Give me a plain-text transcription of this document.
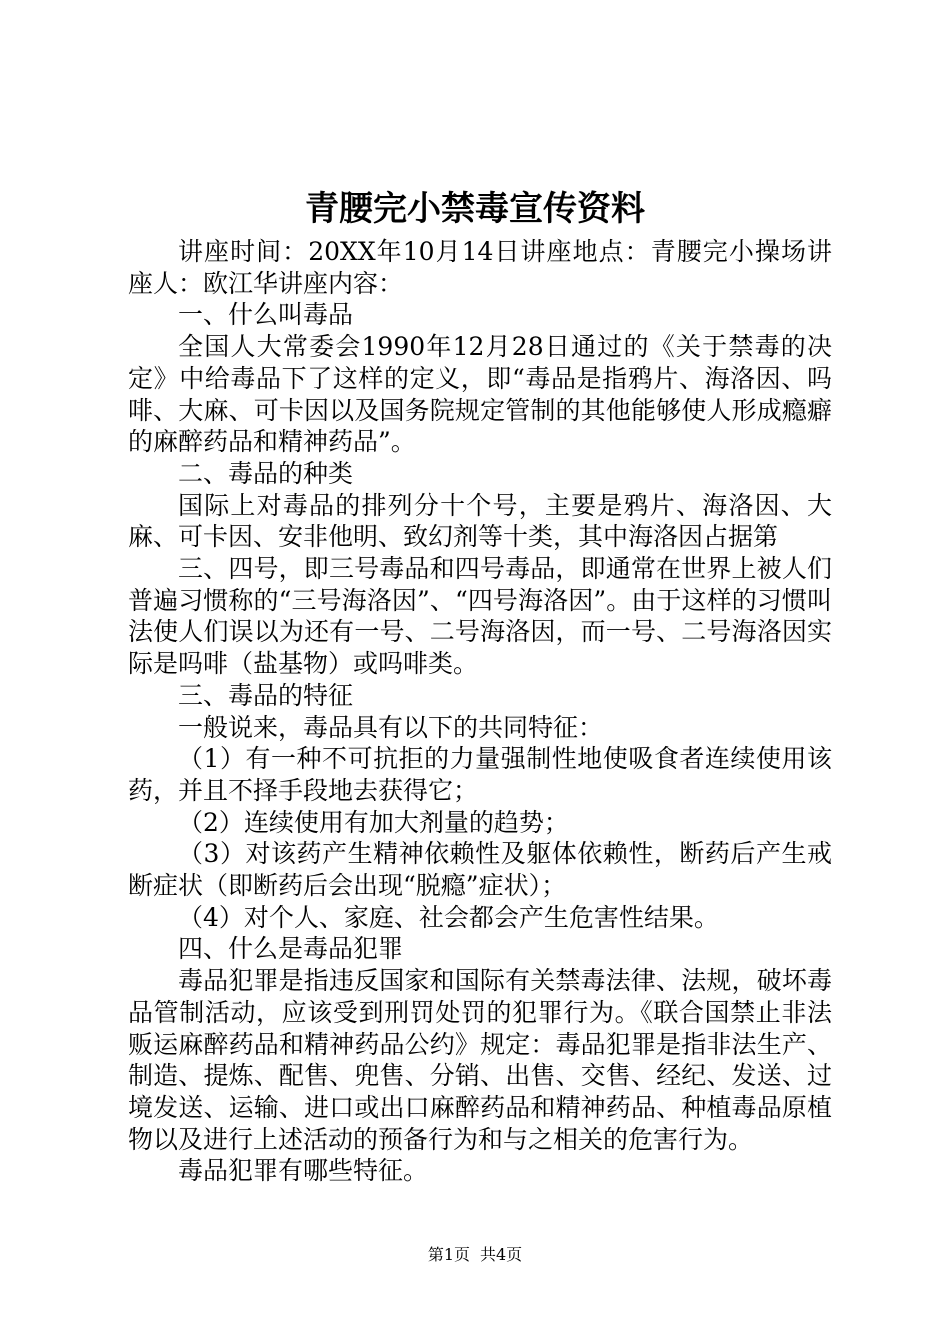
青腰完小禁毒宣传资料

讲座时间：20XX年10月14日讲座地点：青腰完小操场讲座人：欧江华讲座内容：

一、什么叫毒品

全国人大常委会1990年12月28日通过的《关于禁毒的决定》中给毒品下了这样的定义，即“毒品是指鸦片、海洛因、吗啡、大麻、可卡因以及国务院规定管制的其他能够使人形成瘾癖的麻醉药品和精神药品”。

二、毒品的种类

国际上对毒品的排列分十个号，主要是鸦片、海洛因、大麻、可卡因、安非他明、致幻剂等十类，其中海洛因占据第

三、四号，即三号毒品和四号毒品，即通常在世界上被人们普遍习惯称的“三号海洛因”、“四号海洛因”。由于这样的习惯叫法使人们误以为还有一号、二号海洛因，而一号、二号海洛因实际是吗啡（盐基物）或吗啡类。

三、毒品的特征

一般说来，毒品具有以下的共同特征：

（1）有一种不可抗拒的力量强制性地使吸食者连续使用该药，并且不择手段地去获得它；

（2）连续使用有加大剂量的趋势；

（3）对该药产生精神依赖性及躯体依赖性，断药后产生戒断症状（即断药后会出现“脱瘾”症状）；

（4）对个人、家庭、社会都会产生危害性结果。

四、什么是毒品犯罪

毒品犯罪是指违反国家和国际有关禁毒法律、法规，破坏毒品管制活动，应该受到刑罚处罚的犯罪行为。《联合国禁止非法贩运麻醉药品和精神药品公约》规定：毒品犯罪是指非法生产、制造、提炼、配售、兜售、分销、出售、交售、经纪、发送、过境发送、运输、进口或出口麻醉药品和精神药品、种植毒品原植物以及进行上述活动的预备行为和与之相关的危害行为。

毒品犯罪有哪些特征。

第1页 共4页
